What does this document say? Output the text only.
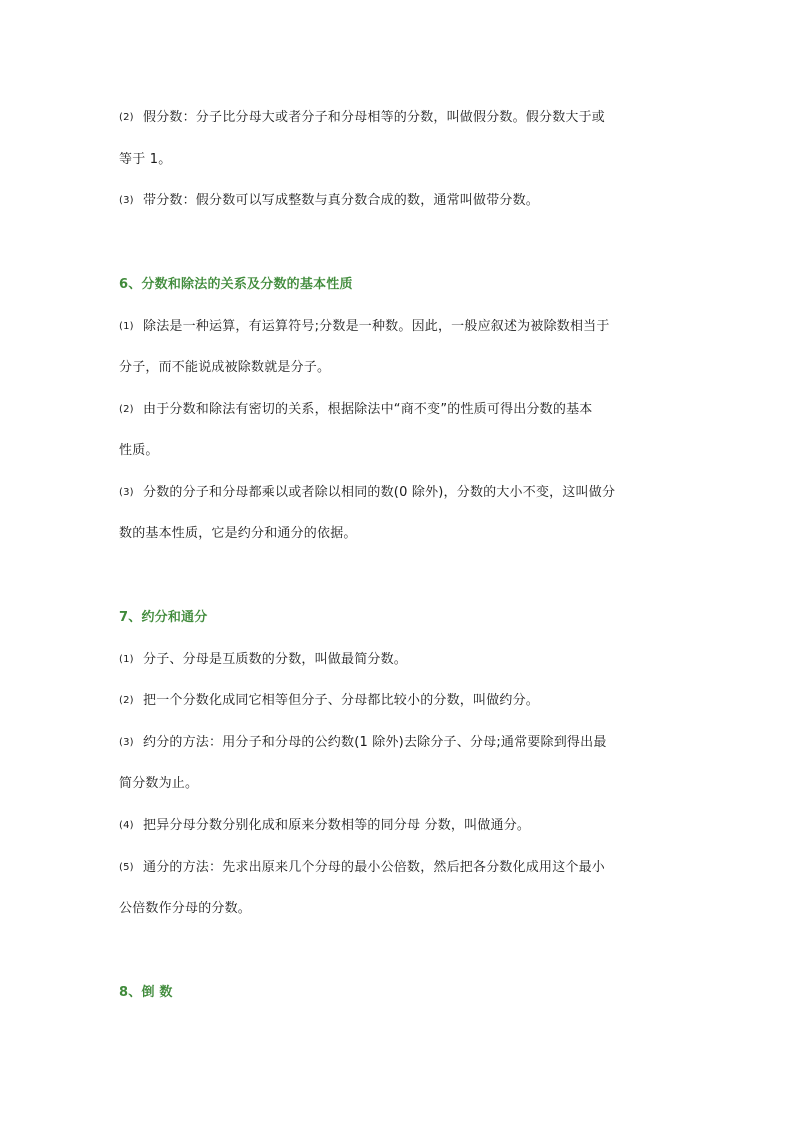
(2) 假分数：分子比分母大或者分子和分母相等的分数，叫做假分数。假分数大于或
等于 1。
(3) 带分数：假分数可以写成整数与真分数合成的数，通常叫做带分数。
6、分数和除法的关系及分数的基本性质
(1) 除法是一种运算，有运算符号;分数是一种数。因此，一般应叙述为被除数相当于
分子，而不能说成被除数就是分子。
(2) 由于分数和除法有密切的关系，根据除法中“商不变”的性质可得出分数的基本
性质。
(3) 分数的分子和分母都乘以或者除以相同的数(0 除外)，分数的大小不变，这叫做分
数的基本性质，它是约分和通分的依据。
7、约分和通分
(1) 分子、分母是互质数的分数，叫做最简分数。
(2) 把一个分数化成同它相等但分子、分母都比较小的分数，叫做约分。
(3) 约分的方法：用分子和分母的公约数(1 除外)去除分子、分母;通常要除到得出最
简分数为止。
(4) 把异分母分数分别化成和原来分数相等的同分母 分数，叫做通分。
(5) 通分的方法：先求出原来几个分母的最小公倍数，然后把各分数化成用这个最小
公倍数作分母的分数。
8、倒 数
